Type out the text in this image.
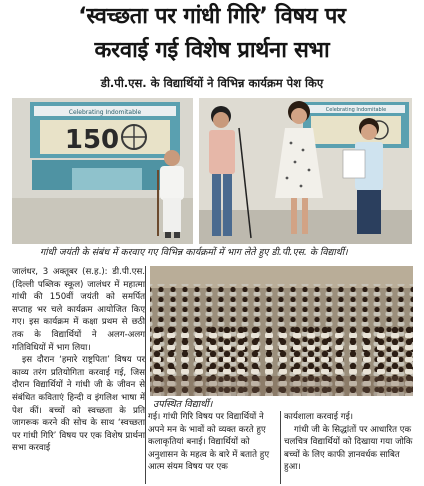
‘स्वच्छता पर गांधी गिरि’ विषय पर
करवाई गई विशेष प्रार्थना सभा
डी.पी.एस. के विद्यार्थियों ने विभिन्न कार्यक्रम पेश किए
Celebrating Indomitable
150
Celebrating Indomitable
गांधी जयंती के संबंध में करवाए गए विभिन्न कार्यक्रमों में भाग लेते हुए डी.पी.एस. के विद्यार्थी।
उपस्थित विद्यार्थी।

जालंधर, 3 अक्तूबर (स.ह.): डी.पी.एस. (दिल्ली पब्लिक स्कूल) जालंधर में महात्मा गांधी की 150वीं जयंती को समर्पित सप्ताह भर चले कार्यक्रम आयोजित किए गए। इस कार्यक्रम में कक्षा प्रथम से छठी तक के विद्यार्थियों ने अलग-अलग गतिविधियों में भाग लिया।

इस दौरान ‘हमारे राष्ट्रपिता’ विषय पर काव्य तरंग प्रतियोगिता करवाई गई, जिस दौरान विद्यार्थियों ने गांधी जी के जीवन से संबंधित कविताएं हिन्दी व इंगलिश भाषा में पेश कीं। बच्चों को स्वच्छता के प्रति जागरूक करने की सोच के साथ ‘स्वच्छता पर गांधी गिरि’ विषय पर एक विशेष प्रार्थना सभा करवाई

गई। गांधी गिरि विषय पर विद्यार्थियों ने अपने मन के भावों को व्यक्त करते हुए कलाकृतियां बनाई। विद्यार्थियों को अनुशासन के महत्व के बारे में बताते हुए आत्म संयम विषय पर एक

कार्यशाला करवाई गई।

गांधी जी के सिद्धांतों पर आधारित एक चलचित्र विद्यार्थियों को दिखाया गया जोकि बच्चों के लिए काफी ज्ञानवर्धक साबित हुआ।
